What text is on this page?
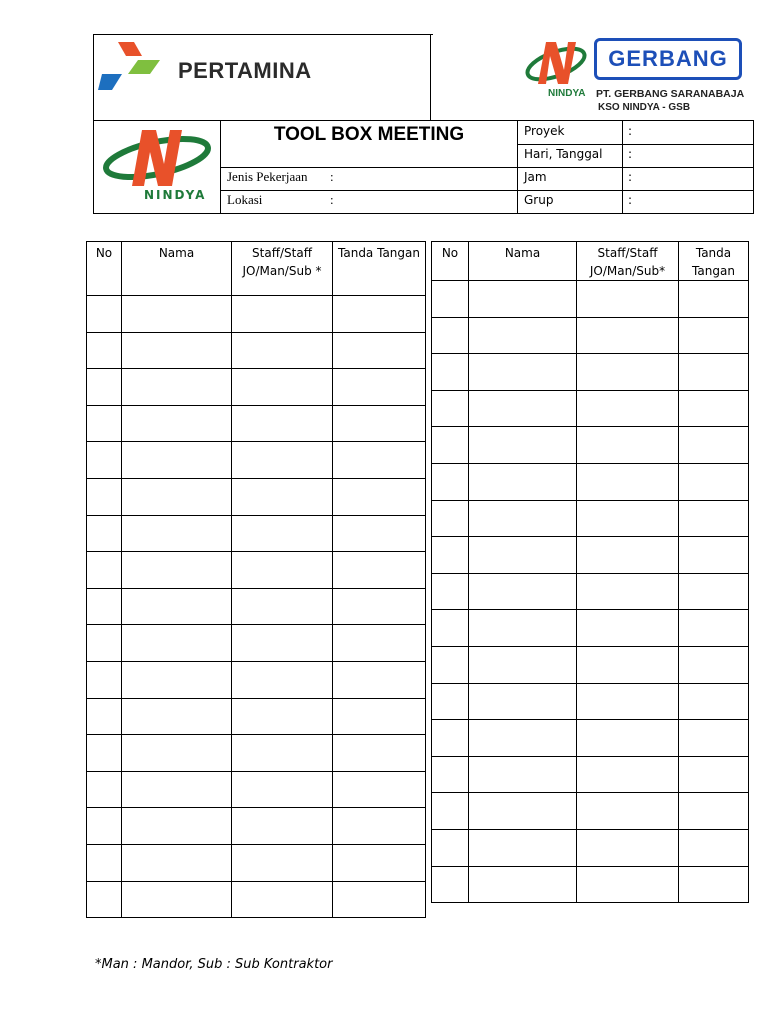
PERTAMINA	GERBANG
NINDYA PT. GERBANG SARANABAJA
KSO NINDYA - GSB
NINDYA
TOOL BOX MEETING
Jenis Pekerjaan :
Lokasi	:
Proyek	:
Hari, Tanggal :
Jam	:
Grup	:
No	Nama	Staff/Staff JO/Man/Sub *	Tanda Tangan

			No	Nama	Staff/Staff JO/Man/Sub*	Tanda Tangan

*Man : Mandor, Sub : Sub Kontraktor
